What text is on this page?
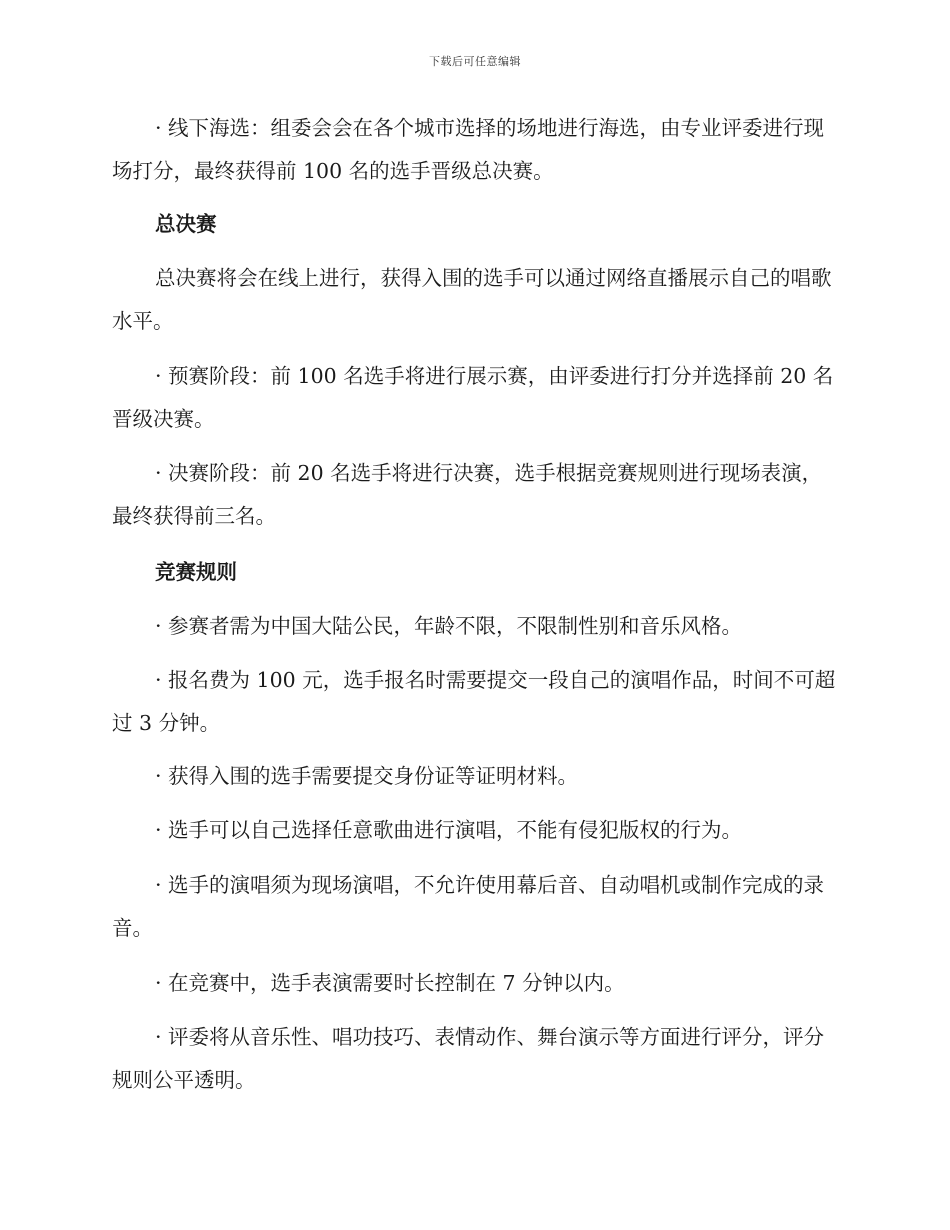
下载后可任意编辑

· 线下海选：组委会会在各个城市选择的场地进行海选，由专业评委进行现场打分，最终获得前 100 名的选手晋级总决赛。

总决赛

总决赛将会在线上进行，获得入围的选手可以通过网络直播展示自己的唱歌水平。

· 预赛阶段：前 100 名选手将进行展示赛，由评委进行打分并选择前 20 名晋级决赛。

· 决赛阶段：前 20 名选手将进行决赛，选手根据竞赛规则进行现场表演，最终获得前三名。

竞赛规则

· 参赛者需为中国大陆公民，年龄不限，不限制性别和音乐风格。

· 报名费为 100 元，选手报名时需要提交一段自己的演唱作品，时间不可超过 3 分钟。

· 获得入围的选手需要提交身份证等证明材料。

· 选手可以自己选择任意歌曲进行演唱，不能有侵犯版权的行为。

· 选手的演唱须为现场演唱，不允许使用幕后音、自动唱机或制作完成的录音。

· 在竞赛中，选手表演需要时长控制在 7 分钟以内。

· 评委将从音乐性、唱功技巧、表情动作、舞台演示等方面进行评分，评分规则公平透明。
